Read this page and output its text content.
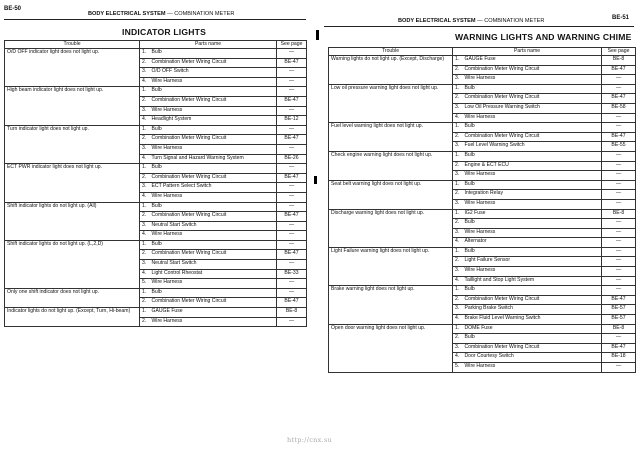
BE-50
BODY ELECTRICAL SYSTEM — COMBINATION METER
INDICATOR LIGHTS
Trouble	Parts name		See page
O/D OFF indicator light does not light up.	1.	Bulb	—
	2.	Combination Meter Wiring Circuit	BE-47
	3.	O/D OFF Switch	—
	4.	Wire Harness	—
High beam indicator light does not light up.	1.	Bulb	—
	2.	Combination Meter Wiring Circuit	BE-47
	3.	Wire Harness	—
	4.	Headlight System	BE-12
Turn indicator light does not light up.	1.	Bulb	—
	2.	Combination Meter Wiring Circuit	BE-47
	3.	Wire Harness	—
	4.	Turn Signal and Hazard Warning System	BE-26
ECT PWR indicator light does not light up.	1.	Bulb	—
	2.	Combination Meter Wiring Circuit	BE-47
	3.	ECT Pattern Select Switch	—
	4.	Wire Harness	—
Shift indicator lights do not light up. (All)	1.	Bulb	—
	2.	Combination Meter Wiring Circuit	BE-47
	3.	Neutral Start Switch	—
	4.	Wire Harness	—
Shift indicator lights do not light up. (L,2,D)	1.	Bulb	—
	2.	Combination Meter Wiring Circuit	BE-47
	3.	Neutral Start Switch	—
	4.	Light Control Rheostat	BE-33
	5.	Wire Harness	—
Only one shift indicator does not light up.	1.	Bulb	—
	2.	Combination Meter Wiring Circuit	BE-47
Indicator lights do not light up. (Except, Turn, Hi-beam)	1.	GAUGE Fuse	BE-8
	2.	Wire Harness	—
BODY ELECTRICAL SYSTEM — COMBINATION METER	BE-51
WARNING LIGHTS AND WARNING CHIME
Trouble	Parts name		See page
Warning lights do not light up. (Except, Discharge)	1.	GAUGE Fuse	BE-8
	2.	Combination Meter Wiring Circuit	BE-47
	3.	Wire Harness	—
Low oil pressure warning light does not light up.	1.	Bulb	—
	2.	Combination Meter Wiring Circuit	BE-47
	3.	Low Oil Pressure Warning Switch	BE-58
	4.	Wire Harness	—
Fuel level warning light does not light up.	1.	Bulb	—
	2.	Combination Meter Wiring Circuit	BE-47
	3.	Fuel Level Warning Switch	BE-55
Check engine warning light does not light up.	1.	Bulb	—
	2.	Engine & ECT ECU	—
	3.	Wire Harness	—
Seat belt warning light does not light up.	1.	Bulb	—
	2.	Integration Relay	—
	3.	Wire Harness	—
Discharge warning light does not light up.	1.	IG2 Fuse	BE-8
	2.	Bulb	—
	3.	Wire Harness	—
	4.	Alternator	—
Light Failure warning light does not light up.	1.	Bulb	—
	2.	Light Failure Sensor	—
	3.	Wire Harness	—
	4.	Taillight and Stop Light System	—
Brake warning light does not light up.	1.	Bulb	—
	2.	Combination Meter Wiring Circuit	BE-47
	3.	Parking Brake Switch	BE-57
	4.	Brake Fluid Level Warning Switch	BE-57
Open door warning light does not light up.	1.	DOME Fuse	BE-8
	2.	Bulb	—
	3.	Combination Meter Wiring Circuit	BE-47
	4.	Door Courtesy Switch	BE-18
	5.	Wire Harness	—
http://cnx.su
